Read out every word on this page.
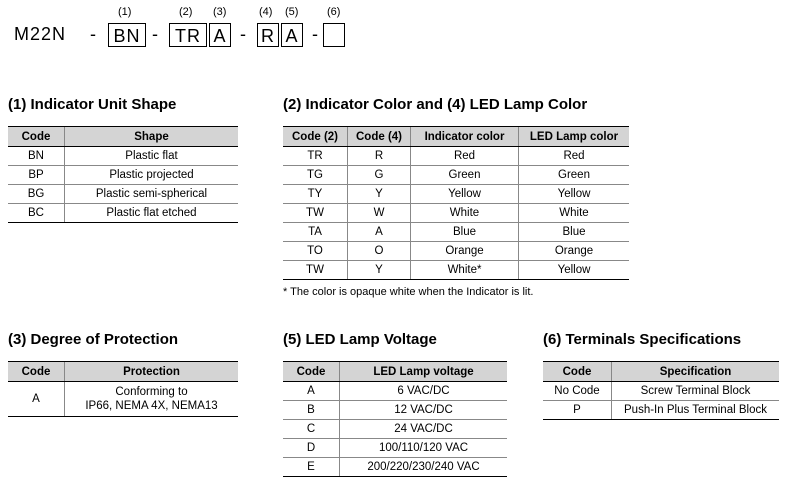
M22N -
(1)
BN -
(2)
TR
(3)
A -
(4)
R
(5)
A -
(6)
(1) Indicator Unit Shape
Code	Shape
BN	Plastic flat
BP	Plastic projected
BG	Plastic semi-spherical
BC	Plastic flat etched
(2) Indicator Color and (4) LED Lamp Color
Code (2)	Code (4)	Indicator color	LED Lamp color
TR	R	Red	Red
TG	G	Green	Green
TY	Y	Yellow	Yellow
TW	W	White	White
TA	A	Blue	Blue
TO	O	Orange	Orange
TW	Y	White*	Yellow
* The color is opaque white when the Indicator is lit.
(3) Degree of Protection
Code	Protection
A	Conforming to
IP66, NEMA 4X, NEMA13
(5) LED Lamp Voltage
Code	LED Lamp voltage
A	6 VAC/DC
B	12 VAC/DC
C	24 VAC/DC
D	100/110/120 VAC
E	200/220/230/240 VAC
(6) Terminals Specifications
Code	Specification
No Code	Screw Terminal Block
P	Push-In Plus Terminal Block
